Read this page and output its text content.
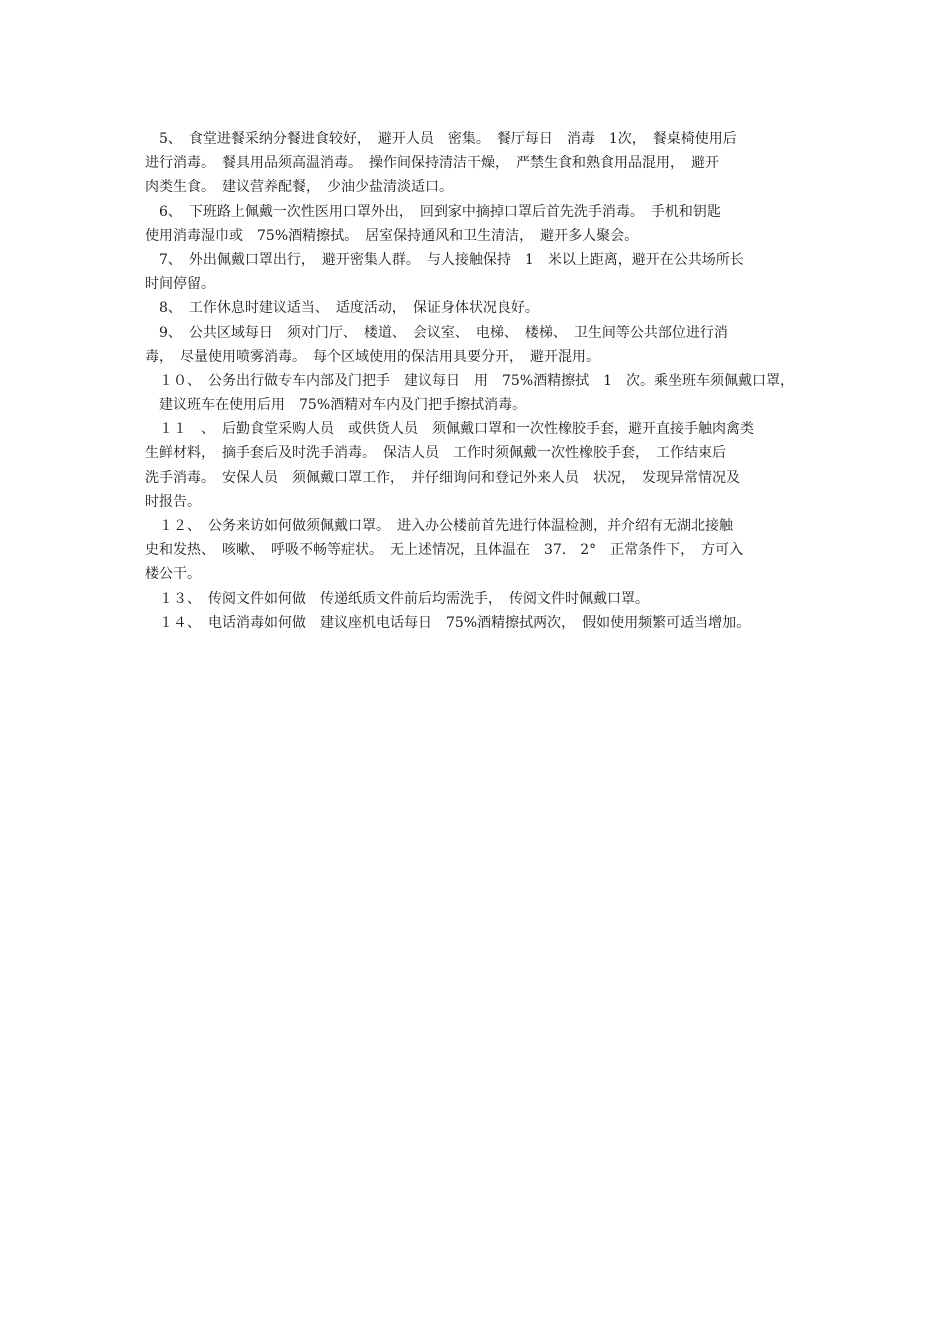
　5、　食堂进餐采纳分餐进食较好，　避开人员　密集。　餐厅每日　消毒　1次，　餐桌椅使用后
进行消毒。　餐具用品须高温消毒。　操作间保持清洁干燥，　严禁生食和熟食用品混用，　避开
肉类生食。　建议营养配餐，　少油少盐清淡适口。
　6、　下班路上佩戴一次性医用口罩外出，　回到家中摘掉口罩后首先洗手消毒。　手机和钥匙
使用消毒湿巾或　75%酒精擦拭。　居室保持通风和卫生清洁，　避开多人聚会。
　7、　外出佩戴口罩出行，　避开密集人群。　与人接触保持　1　米以上距离，避开在公共场所长
时间停留。
　8、　工作休息时建议适当、　适度活动，　保证身体状况良好。
　9、　公共区域每日　须对门厅、　楼道、　会议室、　电梯、　楼梯、　卫生间等公共部位进行消
毒，　尽量使用喷雾消毒。　每个区域使用的保洁用具要分开，　避开混用。
　１０、　公务出行做专车内部及门把手　建议每日　用　75%酒精擦拭　1　次。乘坐班车须佩戴口罩，
　建议班车在使用后用　75%酒精对车内及门把手擦拭消毒。
　１１　、　后勤食堂采购人员　或供货人员　须佩戴口罩和一次性橡胶手套，避开直接手触肉禽类
生鲜材料，　摘手套后及时洗手消毒。　保洁人员　工作时须佩戴一次性橡胶手套，　工作结束后
洗手消毒。　安保人员　须佩戴口罩工作，　并仔细询问和登记外来人员　状况，　发现异常情况及
时报告。
　１２、　公务来访如何做须佩戴口罩。　进入办公楼前首先进行体温检测，并介绍有无湖北接触
史和发热、　咳嗽、　呼吸不畅等症状。　无上述情况，且体温在　37.　2°　正常条件下，　方可入
楼公干。
　１３、　传阅文件如何做　传递纸质文件前后均需洗手，　传阅文件时佩戴口罩。
　１４、　电话消毒如何做　建议座机电话每日　75%酒精擦拭两次，　假如使用频繁可适当增加。
